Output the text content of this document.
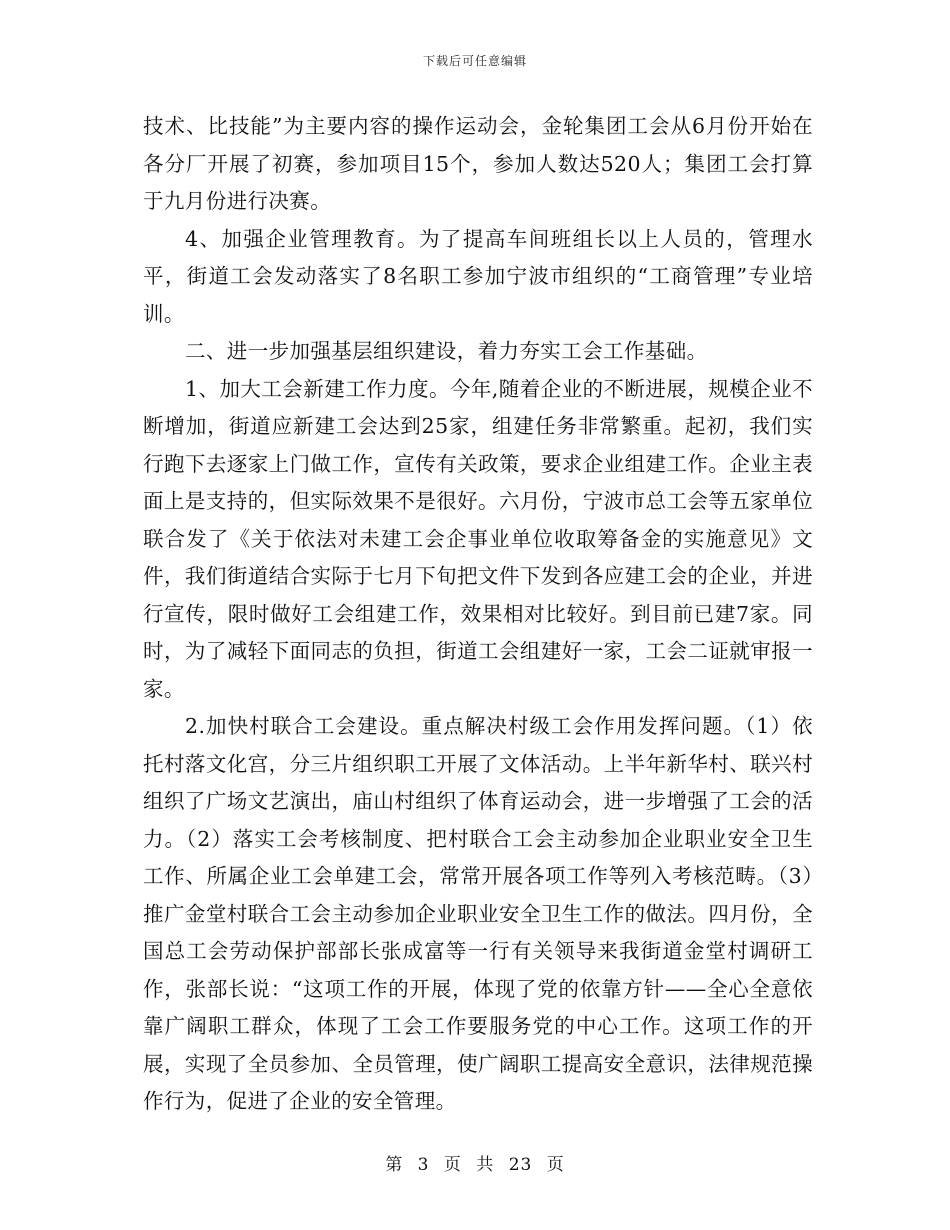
下载后可任意编辑

技术、比技能”为主要内容的操作运动会，金轮集团工会从6月份开始在各分厂开展了初赛，参加项目15个，参加人数达520人；集团工会打算于九月份进行决赛。

4、加强企业管理教育。为了提高车间班组长以上人员的，管理水平，街道工会发动落实了8名职工参加宁波市组织的“工商管理”专业培训。

二、进一步加强基层组织建设，着力夯实工会工作基础。

1、加大工会新建工作力度。今年,随着企业的不断进展，规模企业不断增加，街道应新建工会达到25家，组建任务非常繁重。起初，我们实行跑下去逐家上门做工作，宣传有关政策，要求企业组建工作。企业主表面上是支持的，但实际效果不是很好。六月份，宁波市总工会等五家单位联合发了《关于依法对未建工会企事业单位收取筹备金的实施意见》文件，我们街道结合实际于七月下旬把文件下发到各应建工会的企业，并进行宣传，限时做好工会组建工作，效果相对比较好。到目前已建7家。同时，为了减轻下面同志的负担，街道工会组建好一家，工会二证就审报一家。

2.加快村联合工会建设。重点解决村级工会作用发挥问题。（1）依托村落文化宫，分三片组织职工开展了文体活动。上半年新华村、联兴村组织了广场文艺演出，庙山村组织了体育运动会，进一步增强了工会的活力。（2）落实工会考核制度、把村联合工会主动参加企业职业安全卫生工作、所属企业工会单建工会，常常开展各项工作等列入考核范畴。（3）推广金堂村联合工会主动参加企业职业安全卫生工作的做法。四月份，全国总工会劳动保护部部长张成富等一行有关领导来我街道金堂村调研工作，张部长说：“这项工作的开展，体现了党的依靠方针——全心全意依靠广阔职工群众，体现了工会工作要服务党的中心工作。这项工作的开展，实现了全员参加、全员管理，使广阔职工提高安全意识，法律规范操作行为，促进了企业的安全管理。

第 3 页 共 23 页
